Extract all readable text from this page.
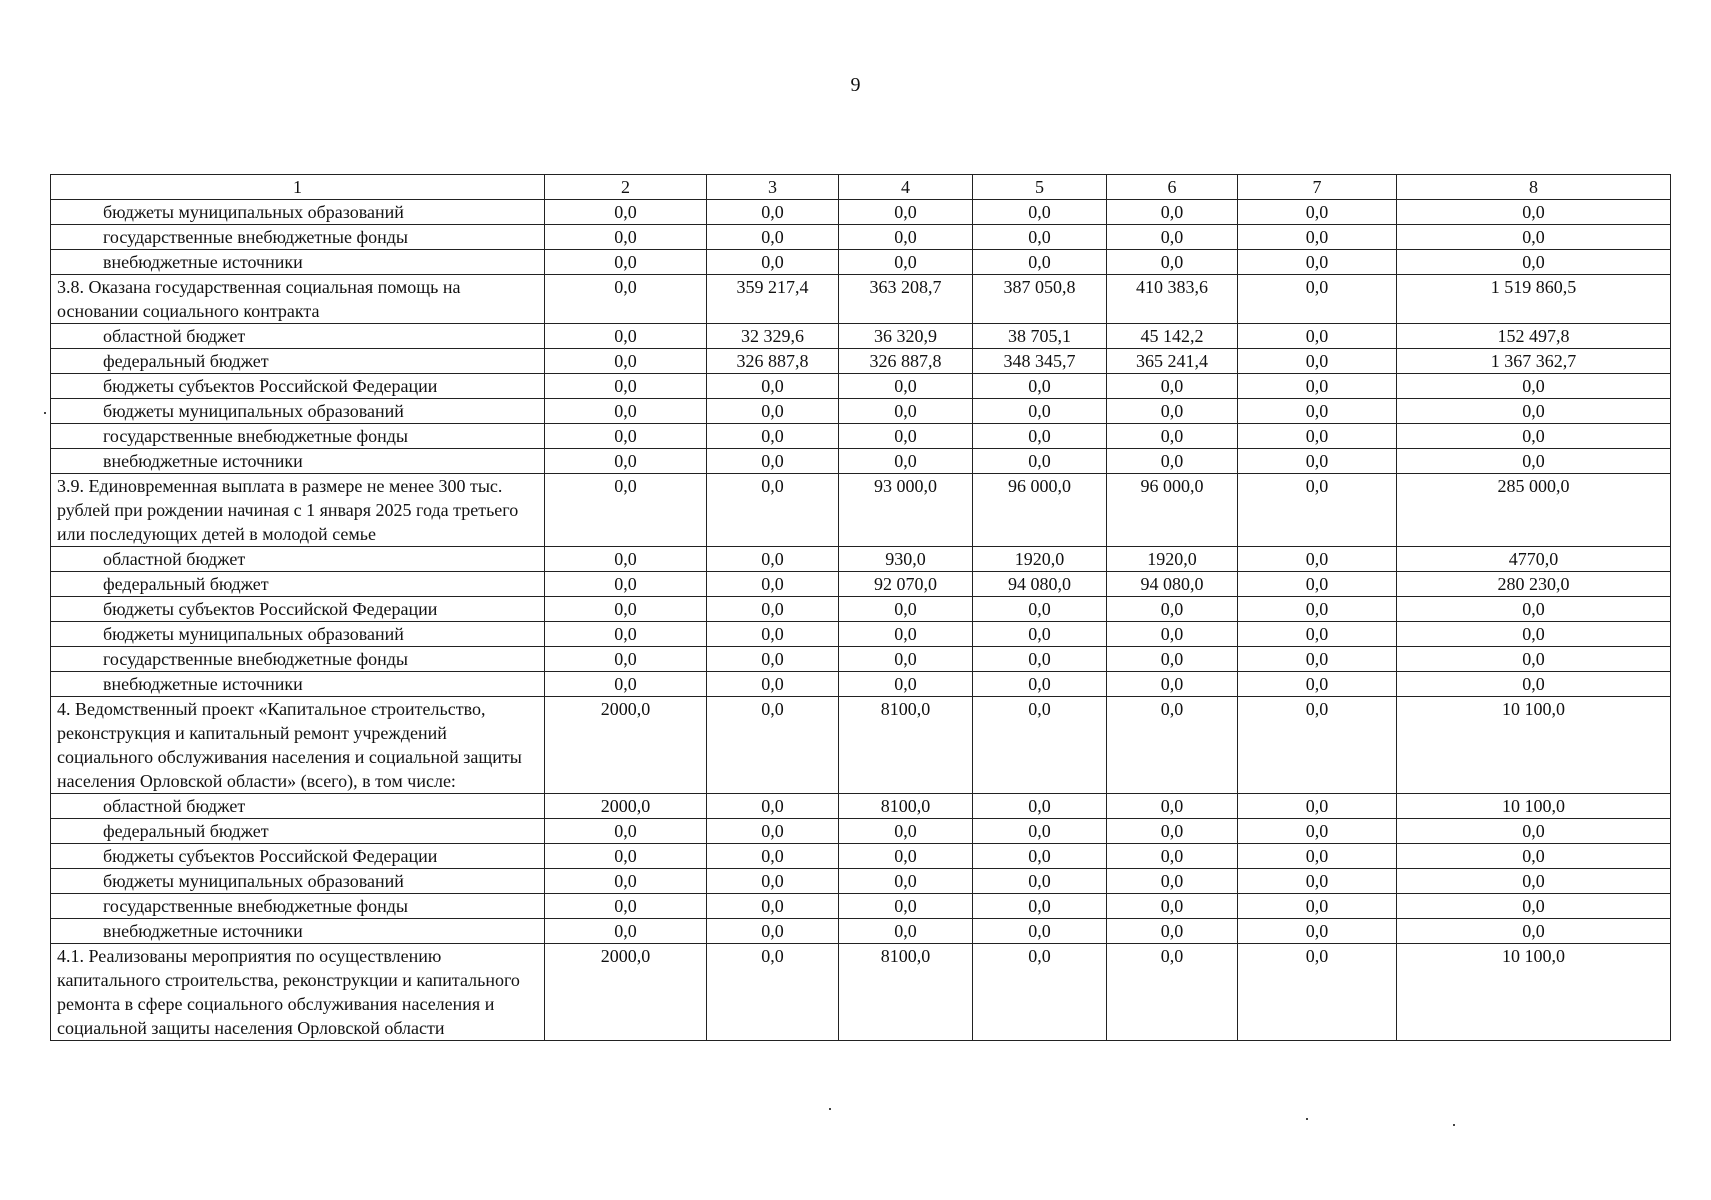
9
1	2	3	4	5	6	7	8
бюджеты муниципальных образований	0,0	0,0	0,0	0,0	0,0	0,0	0,0
государственные внебюджетные фонды	0,0	0,0	0,0	0,0	0,0	0,0	0,0
внебюджетные источники	0,0	0,0	0,0	0,0	0,0	0,0	0,0
3.8. Оказана государственная социальная помощь на основании социального контракта	0,0	359 217,4	363 208,7	387 050,8	410 383,6	0,0	1 519 860,5
областной бюджет	0,0	32 329,6	36 320,9	38 705,1	45 142,2	0,0	152 497,8
федеральный бюджет	0,0	326 887,8	326 887,8	348 345,7	365 241,4	0,0	1 367 362,7
бюджеты субъектов Российской Федерации	0,0	0,0	0,0	0,0	0,0	0,0	0,0
бюджеты муниципальных образований	0,0	0,0	0,0	0,0	0,0	0,0	0,0
государственные внебюджетные фонды	0,0	0,0	0,0	0,0	0,0	0,0	0,0
внебюджетные источники	0,0	0,0	0,0	0,0	0,0	0,0	0,0
3.9. Единовременная выплата в размере не менее 300 тыс. рублей при рождении начиная с 1 января 2025 года третьего или последующих детей в молодой семье	0,0	0,0	93 000,0	96 000,0	96 000,0	0,0	285 000,0
областной бюджет	0,0	0,0	930,0	1920,0	1920,0	0,0	4770,0
федеральный бюджет	0,0	0,0	92 070,0	94 080,0	94 080,0	0,0	280 230,0
бюджеты субъектов Российской Федерации	0,0	0,0	0,0	0,0	0,0	0,0	0,0
бюджеты муниципальных образований	0,0	0,0	0,0	0,0	0,0	0,0	0,0
государственные внебюджетные фонды	0,0	0,0	0,0	0,0	0,0	0,0	0,0
внебюджетные источники	0,0	0,0	0,0	0,0	0,0	0,0	0,0
4. Ведомственный проект «Капитальное строительство, реконструкция и капитальный ремонт учреждений социального обслуживания населения и социальной защиты населения Орловской области» (всего), в том числе:	2000,0	0,0	8100,0	0,0	0,0	0,0	10 100,0
областной бюджет	2000,0	0,0	8100,0	0,0	0,0	0,0	10 100,0
федеральный бюджет	0,0	0,0	0,0	0,0	0,0	0,0	0,0
бюджеты субъектов Российской Федерации	0,0	0,0	0,0	0,0	0,0	0,0	0,0
бюджеты муниципальных образований	0,0	0,0	0,0	0,0	0,0	0,0	0,0
государственные внебюджетные фонды	0,0	0,0	0,0	0,0	0,0	0,0	0,0
внебюджетные источники	0,0	0,0	0,0	0,0	0,0	0,0	0,0
4.1. Реализованы мероприятия по осуществлению капитального строительства, реконструкции и капитального ремонта в сфере социального обслуживания населения и социальной защиты населения Орловской области	2000,0	0,0	8100,0	0,0	0,0	0,0	10 100,0
